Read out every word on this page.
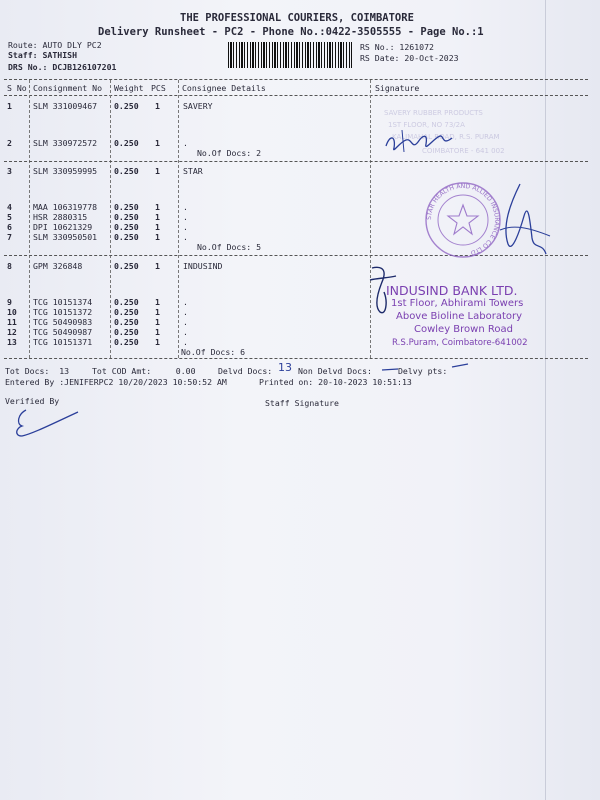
THE PROFESSIONAL COURIERS, COIMBATORE
Delivery Runsheet - PC2 - Phone No.:0422-3505555 - Page No.:1
Route: AUTO DLY PC2
Staff: SATHISH
DRS No.: DCJB126107201
RS No.: 1261072
RS Date: 20-Oct-2023
S No Consignment No Weight PCS Consignee Details	Signature
1	SLM 331009467 0.250 1	SAVERY
2	SLM 330972572 0.250 1	.
No.Of Docs: 2
3	SLM 330959995 0.250 1	STAR
4	MAA 106319778 0.250 1	.
5	HSR 2880315	0.250 1	.
6	DPI 10621329	0.250 1	.
7	SLM 330950501 0.250 1	.
No.Of Docs: 5
8	GPM 326848	0.250 1	INDUSIND
9	TCG 10151374	0.250 1	.
10 TCG 10151372	0.250 1	.
11 TCG 50490983	0.250 1	.
12 TCG 50490987	0.250 1	.
13 TCG 10151371	0.250 1	.
No.Of Docs: 6
SAVERY RUBBER PRODUCTS
1ST FLOOR, NO 73/2A
KALIMAHAL ROAD, R.S. PURAM
COIMBATORE - 641 002
STAR HEALTH AND ALLIED INSURANCE CO LTD
INDUSIND BANK LTD.
1st Floor, Abhirami Towers
Above Bioline Laboratory
Cowley Brown Road
R.S.Puram, Coimbatore-641002
Tot Docs:  13	Tot COD Amt:     0.00	Delvd Docs: 13 Non Delvd Docs:	Delvy pts:
Entered By :JENIFERPC2 10/20/2023 10:50:52 AM	Printed on: 20-10-2023 10:51:13
Verified By	Staff Signature
